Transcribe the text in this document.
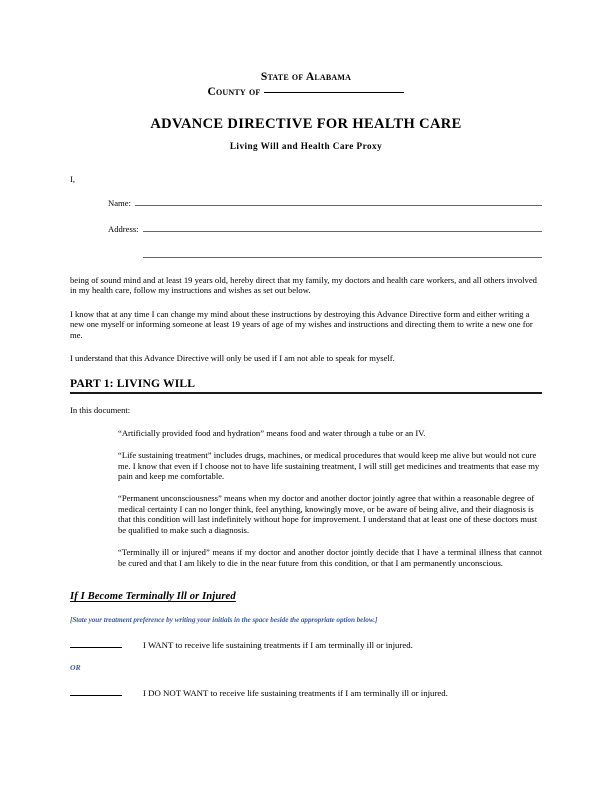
State of Alabama
County of
ADVANCE DIRECTIVE FOR HEALTH CARE
Living Will and Health Care Proxy
I,
Name:
Address:

being of sound mind and at least 19 years old, hereby direct that my family, my doctors and health care workers, and all others involved in my health care, follow my instructions and wishes as set out below.

I know that at any time I can change my mind about these instructions by destroying this Advance Directive form and either writing a new one myself or informing someone at least 19 years of age of my wishes and instructions and directing them to write a new one for me.

I understand that this Advance Directive will only be used if I am not able to speak for myself.

PART 1: LIVING WILL
In this document:

“Artificially provided food and hydration” means food and water through a tube or an IV.

“Life sustaining treatment” includes drugs, machines, or medical procedures that would keep me alive but would not cure me. I know that even if I choose not to have life sustaining treatment, I will still get medicines and treatments that ease my pain and keep me comfortable.

“Permanent unconsciousness” means when my doctor and another doctor jointly agree that within a reasonable degree of medical certainty I can no longer think, feel anything, knowingly move, or be aware of being alive, and their diagnosis is that this condition will last indefinitely without hope for improvement. I understand that at least one of these doctors must be qualified to make such a diagnosis.

“Terminally ill or injured” means if my doctor and another doctor jointly decide that I have a terminal illness that cannot be cured and that I am likely to die in the near future from this condition, or that I am permanently unconscious.

If I Become Terminally Ill or Injured
[State your treatment preference by writing your initials in the space beside the appropriate option below.]
I WANT to receive life sustaining treatments if I am terminally ill or injured.
OR
I DO NOT WANT to receive life sustaining treatments if I am terminally ill or injured.
